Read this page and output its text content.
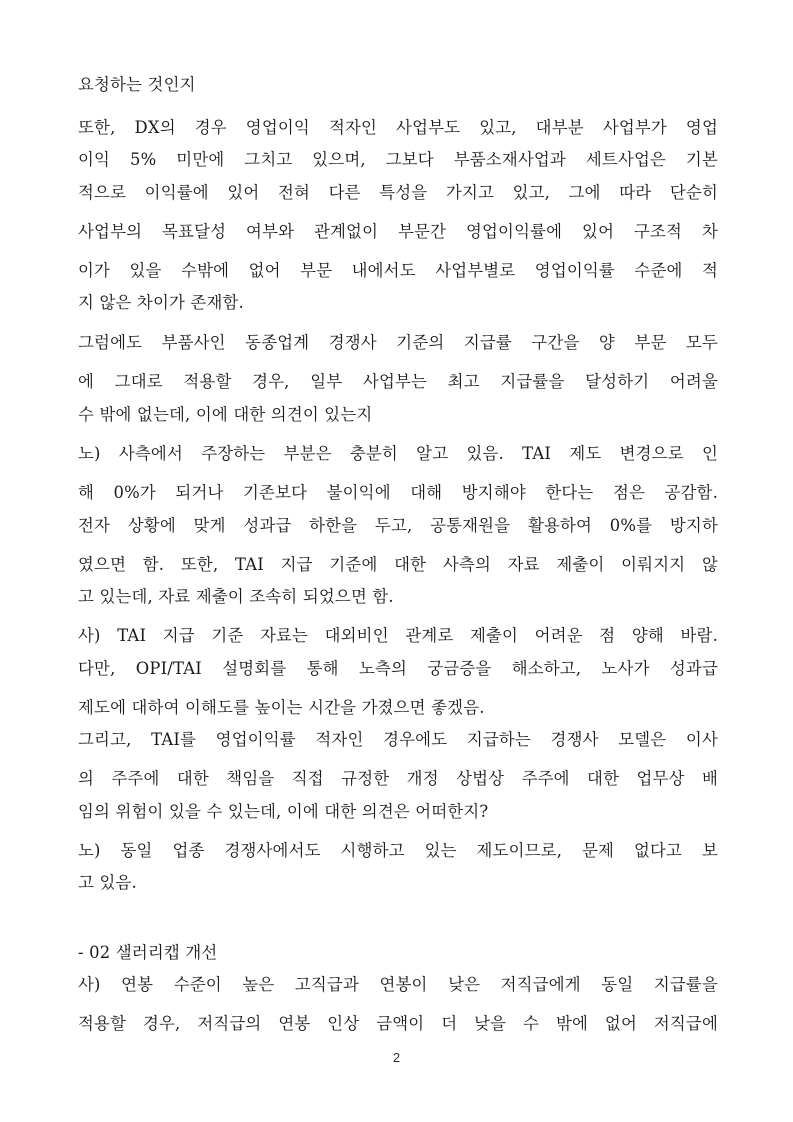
요청하는 것인지
또한, DX의 경우 영업이익 적자인 사업부도 있고, 대부분 사업부가 영업
이익 5% 미만에 그치고 있으며, 그보다 부품소재사업과 세트사업은 기본
적으로 이익률에 있어 전혀 다른 특성을 가지고 있고, 그에 따라 단순히
사업부의 목표달성 여부와 관계없이 부문간 영업이익률에 있어 구조적 차
이가 있을 수밖에 없어 부문 내에서도 사업부별로 영업이익률 수준에 적
지 않은 차이가 존재함.
그럼에도 부품사인 동종업계 경쟁사 기준의 지급률 구간을 양 부문 모두
에 그대로 적용할 경우, 일부 사업부는 최고 지급률을 달성하기 어려울
수 밖에 없는데, 이에 대한 의견이 있는지
노) 사측에서 주장하는 부분은 충분히 알고 있음. TAI 제도 변경으로 인
해 0%가 되거나 기존보다 불이익에 대해 방지해야 한다는 점은 공감함.
전자 상황에 맞게 성과급 하한을 두고, 공통재원을 활용하여 0%를 방지하
였으면 함. 또한, TAI 지급 기준에 대한 사측의 자료 제출이 이뤄지지 않
고 있는데, 자료 제출이 조속히 되었으면 함.
사) TAI 지급 기준 자료는 대외비인 관계로 제출이 어려운 점 양해 바람.
다만, OPI/TAI 설명회를 통해 노측의 궁금증을 해소하고, 노사가 성과급
제도에 대하여 이해도를 높이는 시간을 가졌으면 좋겠음.
그리고, TAI를 영업이익률 적자인 경우에도 지급하는 경쟁사 모델은 이사
의 주주에 대한 책임을 직접 규정한 개정 상법상 주주에 대한 업무상 배
임의 위험이 있을 수 있는데, 이에 대한 의견은 어떠한지?
노) 동일 업종 경쟁사에서도 시행하고 있는 제도이므로, 문제 없다고 보
고 있음.
- 02 샐러리캡 개선
사) 연봉 수준이 높은 고직급과 연봉이 낮은 저직급에게 동일 지급률을
적용할 경우, 저직급의 연봉 인상 금액이 더 낮을 수 밖에 없어 저직급에
2
